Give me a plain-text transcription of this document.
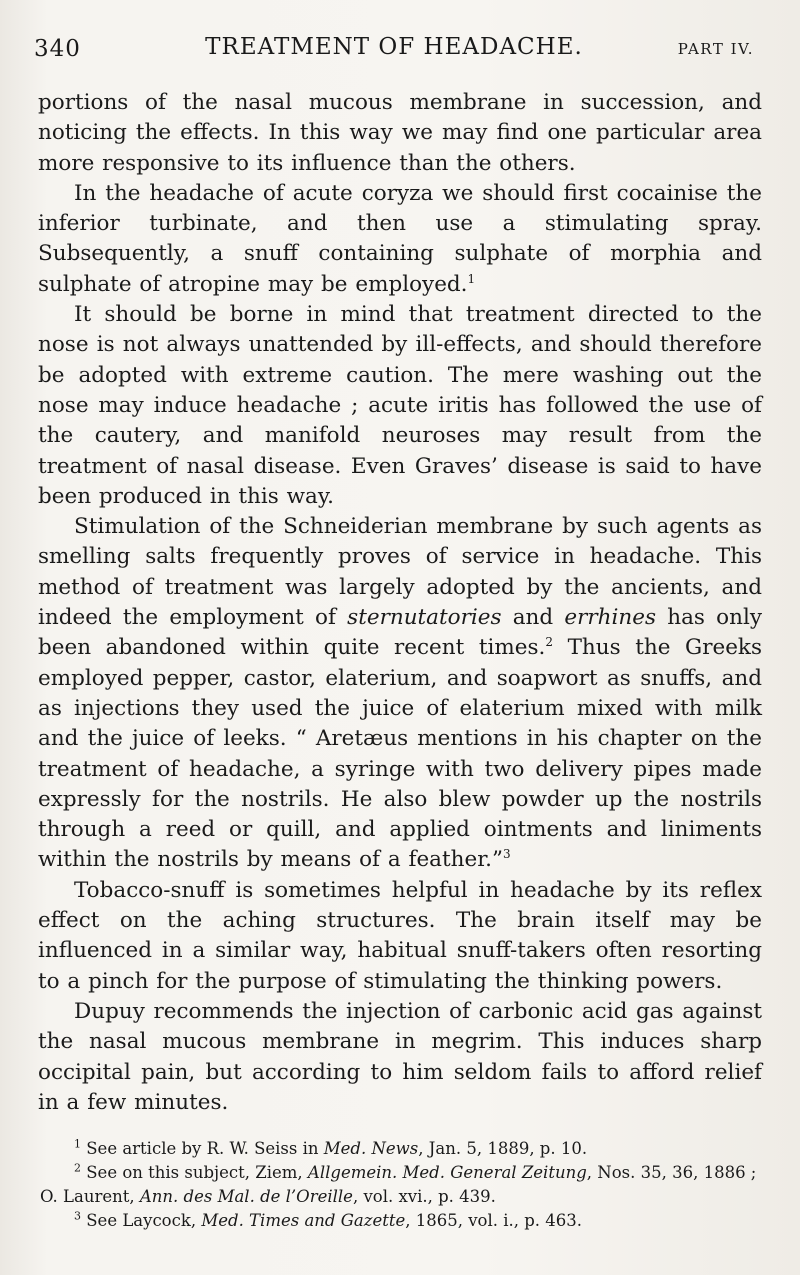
340	TREATMENT OF HEADACHE.	PART IV.

portions of the nasal mucous membrane in succession, and noticing the effects. In this way we may find one particular area more responsive to its influence than the others.

In the headache of acute coryza we should first cocainise the inferior turbinate, and then use a stimulating spray. Subsequently, a snuff containing sulphate of morphia and sulphate of atropine may be employed.$^1$

It should be borne in mind that treatment directed to the nose is not always unattended by ill-effects, and should therefore be adopted with extreme caution. The mere washing out the nose may induce headache ; acute iritis has followed the use of the cautery, and manifold neuroses may result from the treatment of nasal disease. Even Graves’ disease is said to have been produced in this way.

Stimulation of the Schneiderian membrane by such agents as smelling salts frequently proves of service in headache. This method of treatment was largely adopted by the ancients, and indeed the employment of sternutatories and errhines has only been abandoned within quite recent times.$^2$ Thus the Greeks employed pepper, castor, elaterium, and soapwort as snuffs, and as injections they used the juice of elaterium mixed with milk and the juice of leeks. “ Aretæus mentions in his chapter on the treatment of headache, a syringe with two delivery pipes made expressly for the nostrils. He also blew powder up the nostrils through a reed or quill, and applied ointments and liniments within the nostrils by means of a feather.”$^3$

Tobacco-snuff is sometimes helpful in headache by its reflex effect on the aching structures. The brain itself may be influenced in a similar way, habitual snuff-takers often resorting to a pinch for the purpose of stimulating the thinking powers.

Dupuy recommends the injection of carbonic acid gas against the nasal mucous membrane in megrim. This induces sharp occipital pain, but according to him seldom fails to afford relief in a few minutes.

$^1$ See article by R. W. Seiss in Med. News, Jan. 5, 1889, p. 10.

$^2$ See on this subject, Ziem, Allgemein. Med. General Zeitung, Nos. 35, 36, 1886 ; O. Laurent, Ann. des Mal. de l’Oreille, vol. xvi., p. 439.

$^3$ See Laycock, Med. Times and Gazette, 1865, vol. i., p. 463.
